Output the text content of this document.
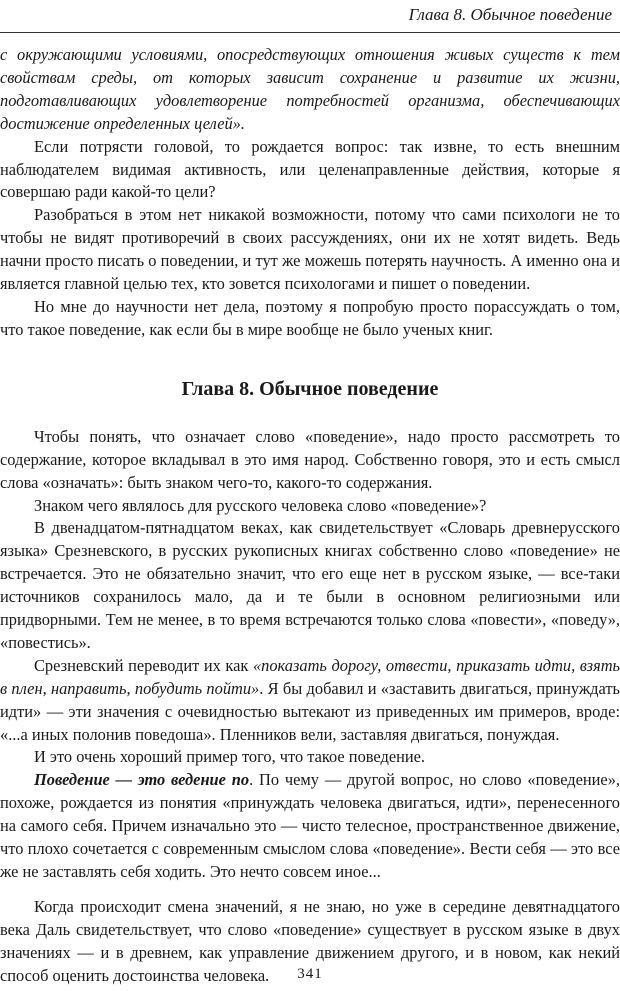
Глава 8. Обычное поведение

с окружающими условиями, опосредствующих отношения живых существ к тем свойствам среды, от которых зависит сохранение и развитие их жизни, подготавливающих удовлетворение потребностей организма, обеспечивающих достижение определенных целей».

Если потрясти головой, то рождается вопрос: так извне, то есть внешним наблюдателем видимая активность, или целенаправленные действия, которые я совершаю ради какой-то цели?

Разобраться в этом нет никакой возможности, потому что сами психологи не то чтобы не видят противоречий в своих рассуждениях, они их не хотят видеть. Ведь начни просто писать о поведении, и тут же можешь потерять научность. А именно она и является главной целью тех, кто зовется психологами и пишет о поведении.

Но мне до научности нет дела, поэтому я попробую просто порассуждать о том, что такое поведение, как если бы в мире вообще не было ученых книг.

Глава 8. Обычное поведение

Чтобы понять, что означает слово «поведение», надо просто рассмотреть то содержание, которое вкладывал в это имя народ. Собственно говоря, это и есть смысл слова «означать»: быть знаком чего-то, какого-то содержания.

Знаком чего являлось для русского человека слово «поведение»?

В двенадцатом-пятнадцатом веках, как свидетельствует «Словарь древнерусского языка» Срезневского, в русских рукописных книгах собственно слово «поведение» не встречается. Это не обязательно значит, что его еще нет в русском языке, — все-таки источников сохранилось мало, да и те были в основном религиозными или придворными. Тем не менее, в то время встречаются только слова «повести», «поведу», «повестись».

Срезневский переводит их как «показать дорогу, отвести, приказать идти, взять в плен, направить, побудить пойти». Я бы добавил и «заставить двигаться, принуждать идти» — эти значения с очевидностью вытекают из приведенных им примеров, вроде: «...а иных полонив поведоша». Пленников вели, заставляя двигаться, понуждая.

И это очень хороший пример того, что такое поведение.

Поведение — это ведение по. По чему — другой вопрос, но слово «поведение», похоже, рождается из понятия «принуждать человека двигаться, идти», перенесенного на самого себя. Причем изначально это — чисто телесное, пространственное движение, что плохо сочетается с современным смыслом слова «поведение». Вести себя — это все же не заставлять себя ходить. Это нечто совсем иное...

Когда происходит смена значений, я не знаю, но уже в середине девятнадцатого века Даль свидетельствует, что слово «поведение» существует в русском языке в двух значениях — и в древнем, как управление движением другого, и в новом, как некий способ оценить достоинства человека.	341
